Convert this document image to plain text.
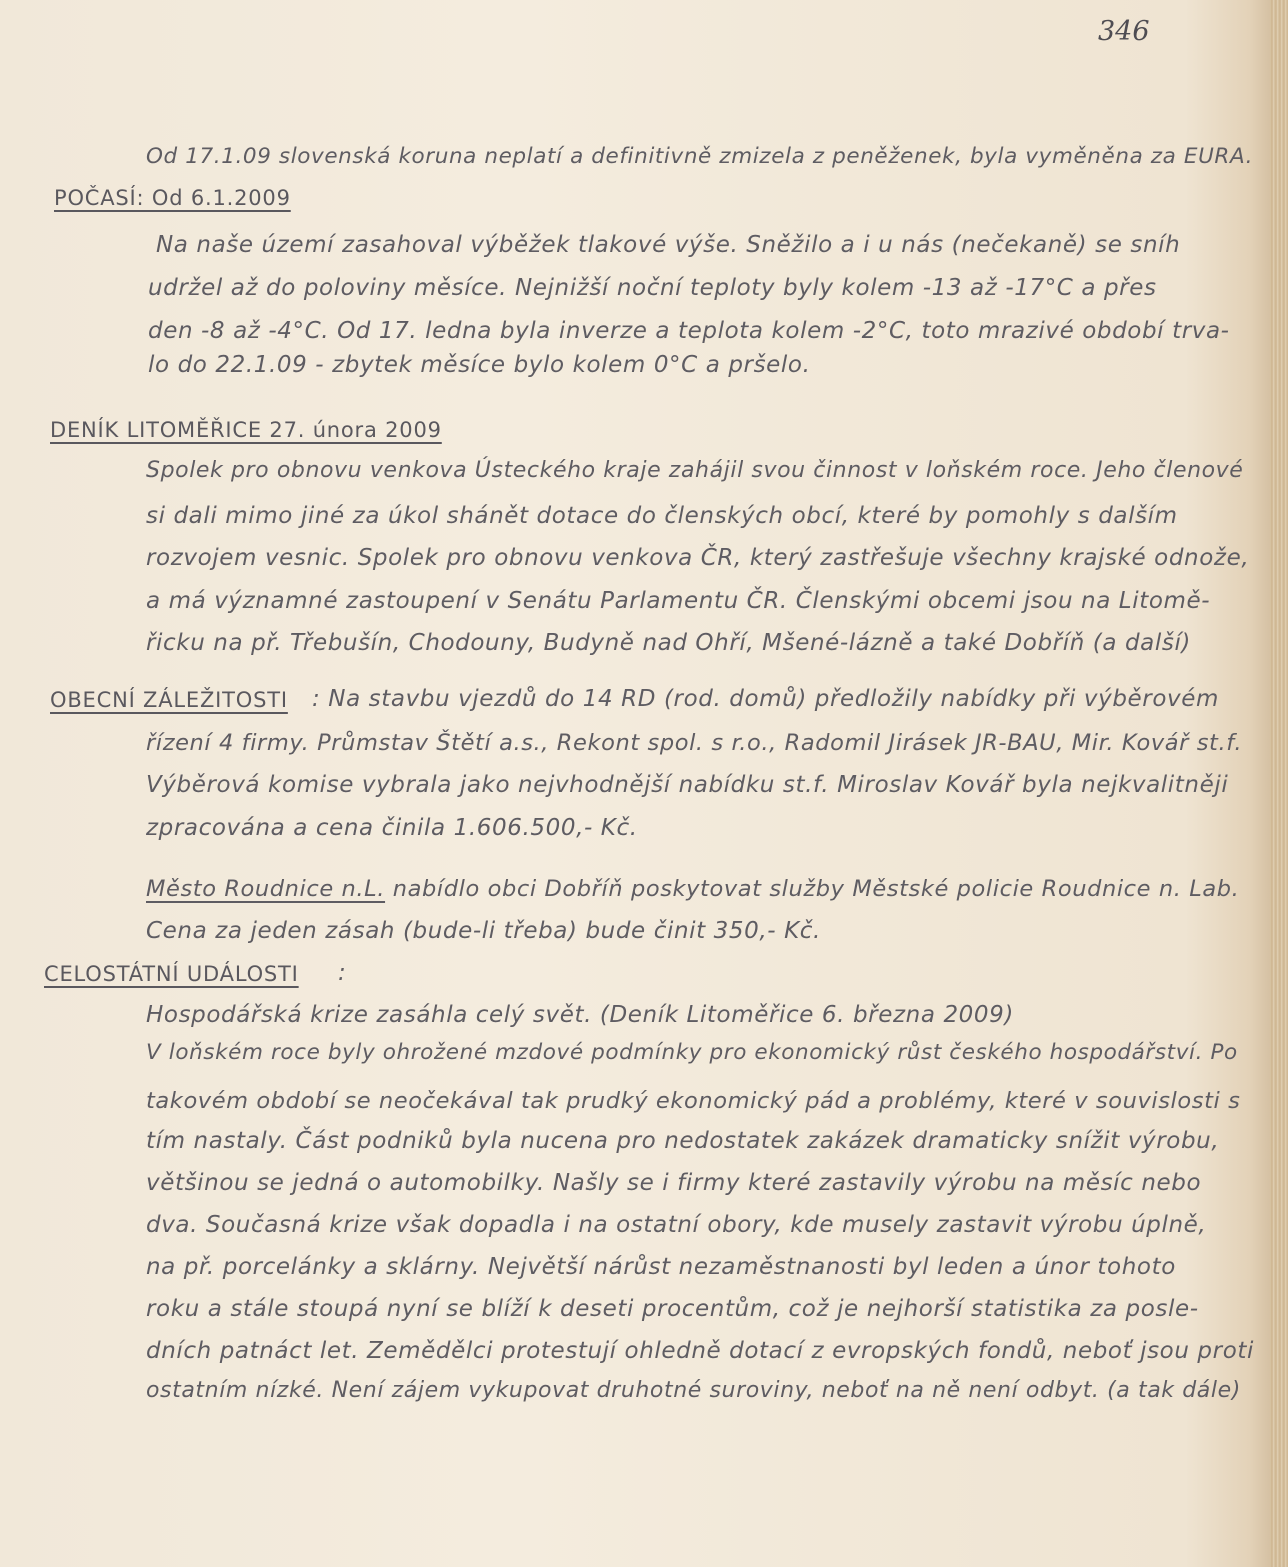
346
Od 17.1.09 slovenská koruna neplatí a definitivně zmizela z peněženek, byla vyměněna za EURA.
POČASÍ: Od 6.1.2009
Na naše území zasahoval výběžek tlakové výše. Sněžilo a i u nás (nečekaně) se sníh
udržel až do poloviny měsíce. Nejnižší noční teploty byly kolem -13 až -17°C a přes
den -8 až -4°C. Od 17. ledna byla inverze a teplota kolem -2°C, toto mrazivé období trva-
lo do 22.1.09 - zbytek měsíce bylo kolem 0°C a pršelo.
DENÍK LITOMĚŘICE 27. února 2009
Spolek pro obnovu venkova Ústeckého kraje zahájil svou činnost v loňském roce. Jeho členové
si dali mimo jiné za úkol shánět dotace do členských obcí, které by pomohly s dalším
rozvojem vesnic. Spolek pro obnovu venkova ČR, který zastřešuje všechny krajské odnože,
a má významné zastoupení v Senátu Parlamentu ČR. Členskými obcemi jsou na Litomě-
řicku na př. Třebušín, Chodouny, Budyně nad Ohří, Mšené-lázně a také Dobříň (a další)
OBECNÍ ZÁLEŽITOSTI : Na stavbu vjezdů do 14 RD (rod. domů) předložily nabídky při výběrovém
řízení 4 firmy. Průmstav Štětí a.s., Rekont spol. s r.o., Radomil Jirásek JR-BAU, Mir. Kovář st.f.
Výběrová komise vybrala jako nejvhodnější nabídku st.f. Miroslav Kovář byla nejkvalitněji
zpracována a cena činila 1.606.500,- Kč.
Město Roudnice n.L. nabídlo obci Dobříň poskytovat služby Městské policie Roudnice n. Lab.
Cena za jeden zásah (bude-li třeba) bude činit 350,- Kč.
CELOSTÁTNÍ UDÁLOSTI :
Hospodářská krize zasáhla celý svět. (Deník Litoměřice 6. března 2009)
V loňském roce byly ohrožené mzdové podmínky pro ekonomický růst českého hospodářství. Po
takovém období se neočekával tak prudký ekonomický pád a problémy, které v souvislosti s
tím nastaly. Část podniků byla nucena pro nedostatek zakázek dramaticky snížit výrobu,
většinou se jedná o automobilky. Našly se i firmy které zastavily výrobu na měsíc nebo
dva. Současná krize však dopadla i na ostatní obory, kde musely zastavit výrobu úplně,
na př. porcelánky a sklárny. Největší nárůst nezaměstnanosti byl leden a únor tohoto
roku a stále stoupá nyní se blíží k deseti procentům, což je nejhorší statistika za posle-
dních patnáct let. Zemědělci protestují ohledně dotací z evropských fondů, neboť jsou proti
ostatním nízké. Není zájem vykupovat druhotné suroviny, neboť na ně není odbyt. (a tak dále)
